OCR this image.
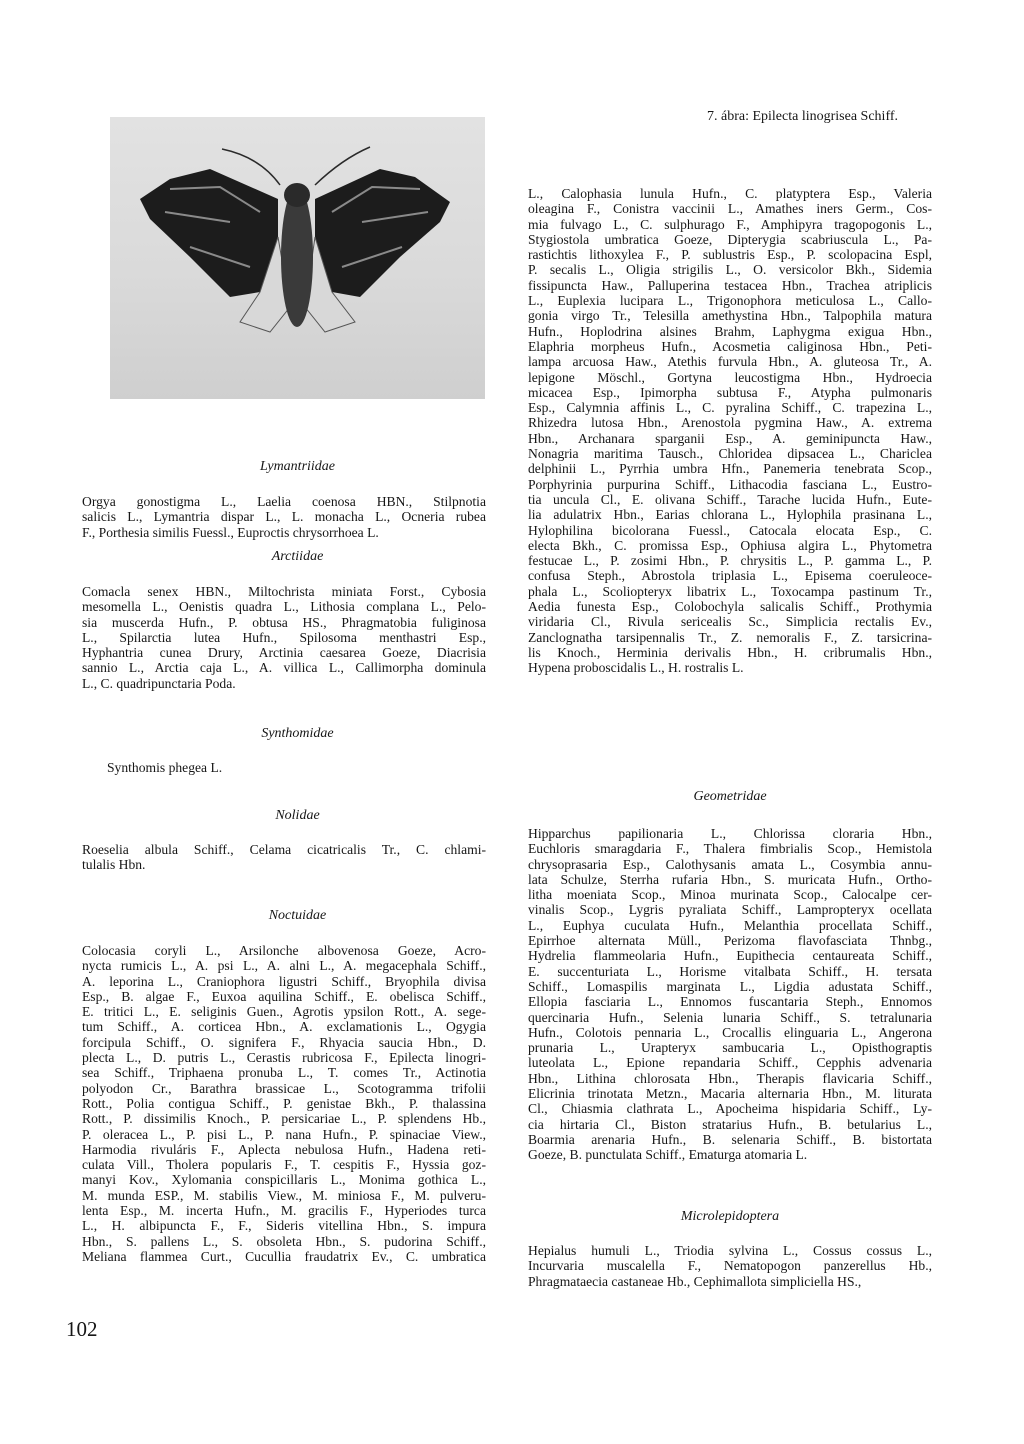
7. ábra: Epilecta linogrisea Schiff.
Lymantriidae
Orgya gonostigma L., Laelia coenosa HBN., Stilpnotia
salicis L., Lymantria dispar L., L. monacha L., Ocneria rubea
F., Porthesia similis Fuessl., Euproctis chrysorrhoea L.
Arctiidae
Comacla senex HBN., Miltochrista miniata Forst., Cybosia
mesomella L., Oenistis quadra L., Lithosia complana L., Pelo-
sia muscerda Hufn., P. obtusa HS., Phragmatobia fuliginosa
L., Spilarctia lutea Hufn., Spilosoma menthastri Esp.,
Hyphantria cunea Drury, Arctinia caesarea Goeze, Diacrisia
sannio L., Arctia caja L., A. villica L., Callimorpha dominula
L., C. quadripunctaria Poda.
Synthomidae
Synthomis phegea L.
Nolidae
Roeselia albula Schiff., Celama cicatricalis Tr., C. chlami-
tulalis Hbn.
Noctuidae
Colocasia coryli L., Arsilonche albovenosa Goeze, Acro-
nycta rumicis L., A. psi L., A. alni L., A. megacephala Schiff.,
A. leporina L., Craniophora ligustri Schiff., Bryophila divisa
Esp., B. algae F., Euxoa aquilina Schiff., E. obelisca Schiff.,
E. tritici L., E. seliginis Guen., Agrotis ypsilon Rott., A. sege-
tum Schiff., A. corticea Hbn., A. exclamationis L., Ogygia
forcipula Schiff., O. signifera F., Rhyacia saucia Hbn., D.
plecta L., D. putris L., Cerastis rubricosa F., Epilecta linogri-
sea Schiff., Triphaena pronuba L., T. comes Tr., Actinotia
polyodon Cr., Barathra brassicae L., Scotogramma trifolii
Rott., Polia contigua Schiff., P. genistae Bkh., P. thalassina
Rott., P. dissimilis Knoch., P. persicariae L., P. splendens Hb.,
P. oleracea L., P. pisi L., P. nana Hufn., P. spinaciae View.,
Harmodia rivuláris F., Aplecta nebulosa Hufn., Hadena reti-
culata Vill., Tholera popularis F., T. cespitis F., Hyssia goz-
manyi Kov., Xylomania conspicillaris L., Monima gothica L.,
M. munda ESP., M. stabilis View., M. miniosa F., M. pulveru-
lenta Esp., M. incerta Hufn., M. gracilis F., Hyperiodes turca
L., H. albipuncta F., F., Sideris vitellina Hbn., S. impura
Hbn., S. pallens L., S. obsoleta Hbn., S. pudorina Schiff.,
Meliana flammea Curt., Cucullia fraudatrix Ev., C. umbratica
L., Calophasia lunula Hufn., C. platyptera Esp., Valeria
oleagina F., Conistra vaccinii L., Amathes iners Germ., Cos-
mia fulvago L., C. sulphurago F., Amphipyra tragopogonis L.,
Stygiostola umbratica Goeze, Dipterygia scabriuscula L., Pa-
rastichtis lithoxylea F., P. sublustris Esp., P. scolopacina Espl,
P. secalis L., Oligia strigilis L., O. versicolor Bkh., Sidemia
fissipuncta Haw., Palluperina testacea Hbn., Trachea atriplicis
L., Euplexia lucipara L., Trigonophora meticulosa L., Callo-
gonia virgo Tr., Telesilla amethystina Hbn., Talpophila matura
Hufn., Hoplodrina alsines Brahm, Laphygma exigua Hbn.,
Elaphria morpheus Hufn., Acosmetia caliginosa Hbn., Peti-
lampa arcuosa Haw., Atethis furvula Hbn., A. gluteosa Tr., A.
lepigone Möschl., Gortyna leucostigma Hbn., Hydroecia
micacea Esp., Ipimorpha subtusa F., Atypha pulmonaris
Esp., Calymnia affinis L., C. pyralina Schiff., C. trapezina L.,
Rhizedra lutosa Hbn., Arenostola pygmina Haw., A. extrema
Hbn., Archanara sparganii Esp., A. geminipuncta Haw.,
Nonagria maritima Tausch., Chloridea dipsacea L., Chariclea
delphinii L., Pyrrhia umbra Hfn., Panemeria tenebrata Scop.,
Porphyrinia purpurina Schiff., Lithacodia fasciana L., Eustro-
tia uncula Cl., E. olivana Schiff., Tarache lucida Hufn., Eute-
lia adulatrix Hbn., Earias chlorana L., Hylophila prasinana L.,
Hylophilina bicolorana Fuessl., Catocala elocata Esp., C.
electa Bkh., C. promissa Esp., Ophiusa algira L., Phytometra
festucae L., P. zosimi Hbn., P. chrysitis L., P. gamma L., P.
confusa Steph., Abrostola triplasia L., Episema coeruleoce-
phala L., Scoliopteryx libatrix L., Toxocampa pastinum Tr.,
Aedia funesta Esp., Colobochyla salicalis Schiff., Prothymia
viridaria Cl., Rivula sericealis Sc., Simplicia rectalis Ev.,
Zanclognatha tarsipennalis Tr., Z. nemoralis F., Z. tarsicrina-
lis Knoch., Herminia derivalis Hbn., H. cribrumalis Hbn.,
Hypena proboscidalis L., H. rostralis L.
Geometridae
Hipparchus papilionaria L., Chlorissa cloraria Hbn.,
Euchloris smaragdaria F., Thalera fimbrialis Scop., Hemistola
chrysoprasaria Esp., Calothysanis amata L., Cosymbia annu-
lata Schulze, Sterrha rufaria Hbn., S. muricata Hufn., Ortho-
litha moeniata Scop., Minoa murinata Scop., Calocalpe cer-
vinalis Scop., Lygris pyraliata Schiff., Lampropteryx ocellata
L., Euphya cuculata Hufn., Melanthia procellata Schiff.,
Epirrhoe alternata Müll., Perizoma flavofasciata Thnbg.,
Hydrelia flammeolaria Hufn., Eupithecia centaureata Schiff.,
E. succenturiata L., Horisme vitalbata Schiff., H. tersata
Schiff., Lomaspilis marginata L., Ligdia adustata Schiff.,
Ellopia fasciaria L., Ennomos fuscantaria Steph., Ennomos
quercinaria Hufn., Selenia lunaria Schiff., S. tetralunaria
Hufn., Colotois pennaria L., Crocallis elinguaria L., Angerona
prunaria L., Urapteryx sambucaria L., Opisthograptis
luteolata L., Epione repandaria Schiff., Cepphis advenaria
Hbn., Lithina chlorosata Hbn., Therapis flavicaria Schiff.,
Elicrinia trinotata Metzn., Macaria alternaria Hbn., M. liturata
Cl., Chiasmia clathrata L., Apocheima hispidaria Schiff., Ly-
cia hirtaria Cl., Biston stratarius Hufn., B. betularius L.,
Boarmia arenaria Hufn., B. selenaria Schiff., B. bistortata
Goeze, B. punctulata Schiff., Ematurga atomaria L.
Microlepidoptera
Hepialus humuli L., Triodia sylvina L., Cossus cossus L.,
Incurvaria muscalella F., Nematopogon panzerellus Hb.,
Phragmataecia castaneae Hb., Cephimallota simpliciella HS.,
102
